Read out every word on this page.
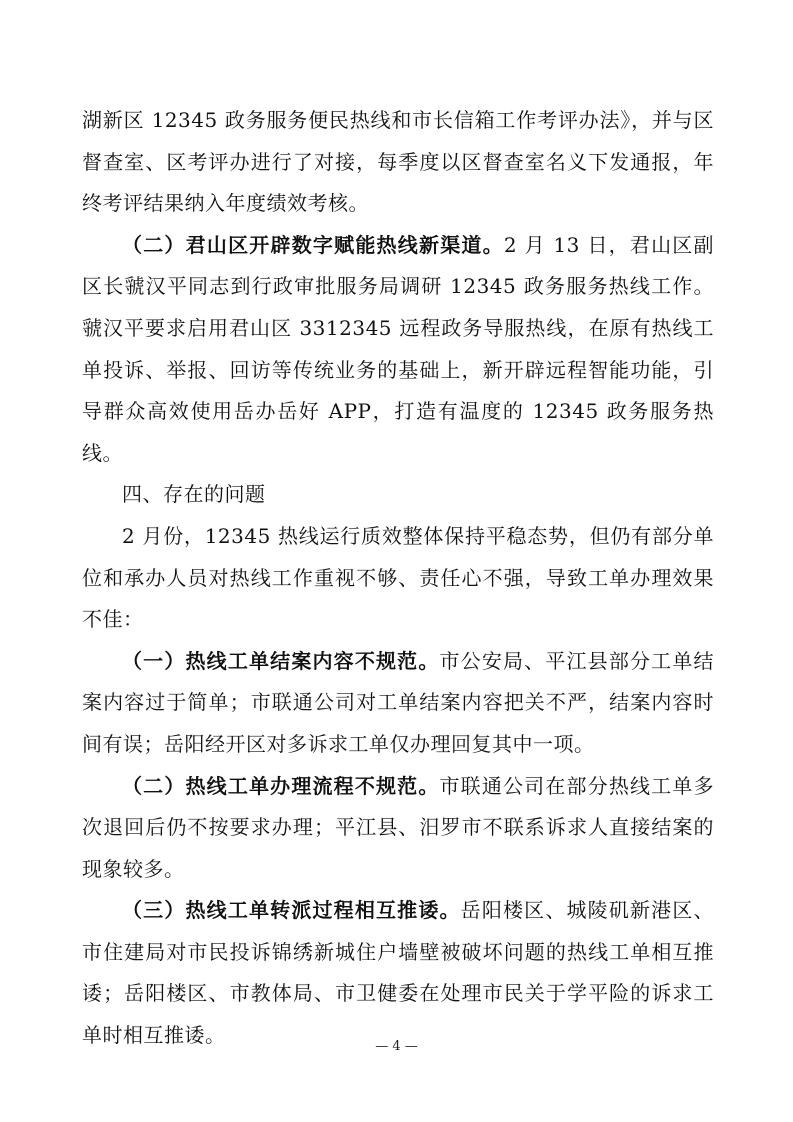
湖新区 12345 政务服务便民热线和市长信箱工作考评办法》，并与区督查室、区考评办进行了对接，每季度以区督查室名义下发通报，年终考评结果纳入年度绩效考核。

（二）君山区开辟数字赋能热线新渠道。2 月 13 日，君山区副区长虢汉平同志到行政审批服务局调研 12345 政务服务热线工作。虢汉平要求启用君山区 3312345 远程政务导服热线，在原有热线工单投诉、举报、回访等传统业务的基础上，新开辟远程智能功能，引导群众高效使用岳办岳好 APP，打造有温度的 12345 政务服务热线。

四、存在的问题

2 月份，12345 热线运行质效整体保持平稳态势，但仍有部分单位和承办人员对热线工作重视不够、责任心不强，导致工单办理效果不佳：

（一）热线工单结案内容不规范。市公安局、平江县部分工单结案内容过于简单；市联通公司对工单结案内容把关不严，结案内容时间有误；岳阳经开区对多诉求工单仅办理回复其中一项。

（二）热线工单办理流程不规范。市联通公司在部分热线工单多次退回后仍不按要求办理；平江县、汨罗市不联系诉求人直接结案的现象较多。

（三）热线工单转派过程相互推诿。岳阳楼区、城陵矶新港区、市住建局对市民投诉锦绣新城住户墙壁被破坏问题的热线工单相互推诿；岳阳楼区、市教体局、市卫健委在处理市民关于学平险的诉求工单时相互推诿。	— 4 —
